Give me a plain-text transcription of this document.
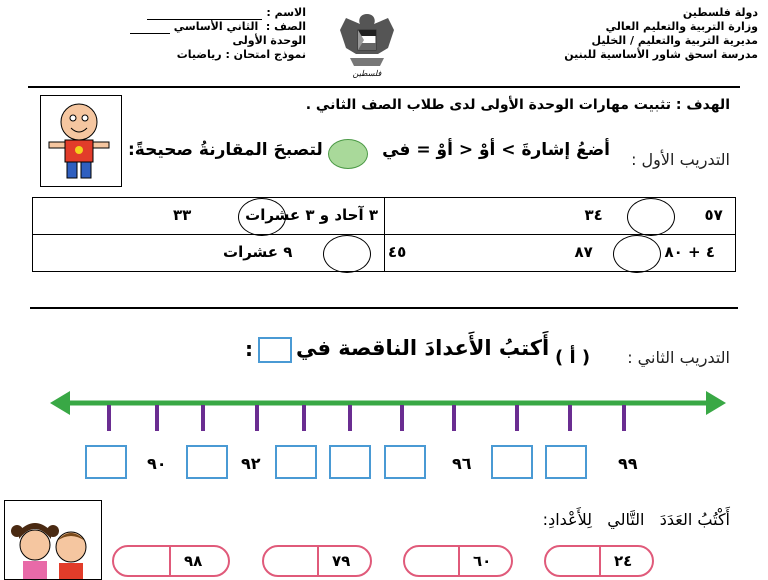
دولة فلسطين
وزارة التربية والتعليم العالي
مديرية التربية والتعليم / الخليل
مدرسة اسحق شاور الأساسية للبنين
فلسطين
الاسم :
الصف :  الثاني الأساسي
الوحدة الأولى
نموذج امتحان : رياضيات
الهدف : تثبيت مهارات الوحدة الأولى لدى طلاب الصف الثاني .
التدريب الأول :
أضعُ إشارةَ > أوْ < أوْ = في
لتصبحَ المقارنةُ صحيحةً:
٣٣ ٣ آحاد و ٣ عشرات	٣٤ ٥٧

٩ عشرات ٤٥	٨٧ ٤ + ٨٠
التدريب الثاني :
( أ )
أَكتبُ الأَعدادَ الناقصة في
:
٩٠	٩٢	٩٦	٩٩
أَكْتُبُ العَدَدَ   التَّالي   لِلأَعْدادِ:
٢٤
٦٠
٧٩
٩٨
